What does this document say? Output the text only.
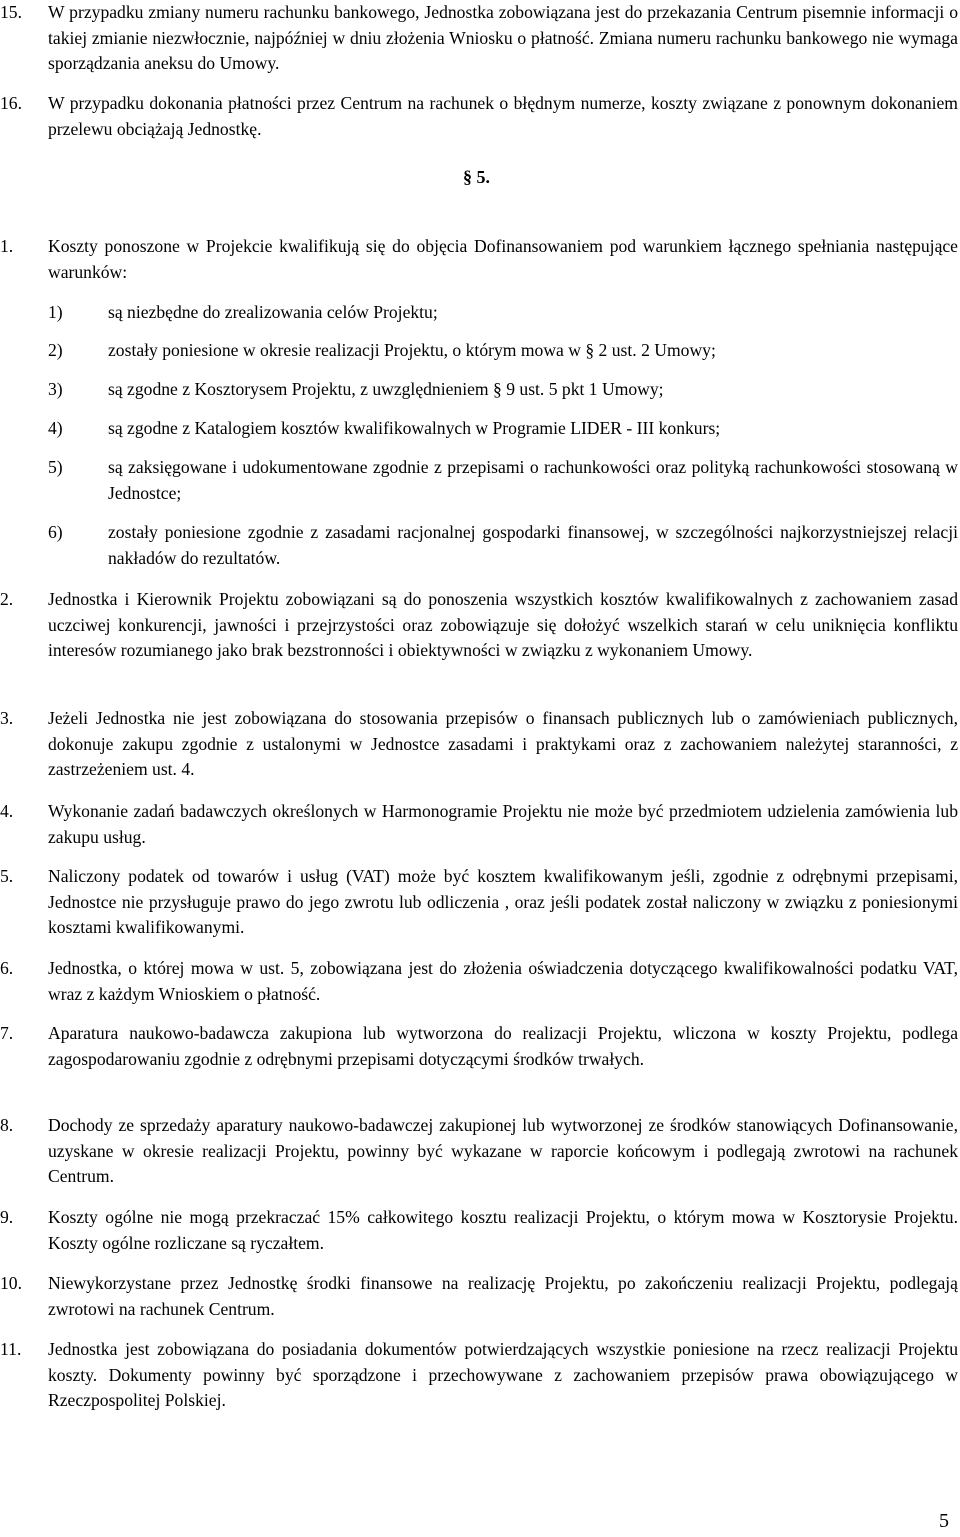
15.	W przypadku zmiany numeru rachunku bankowego, Jednostka zobowiązana jest do przekazania Centrum pisemnie informacji o takiej zmianie niezwłocznie, najpóźniej w dniu złożenia Wniosku o płatność. Zmiana numeru rachunku bankowego nie wymaga sporządzania aneksu do Umowy.
16.	W przypadku dokonania płatności przez Centrum na rachunek o błędnym numerze, koszty związane z ponownym dokonaniem przelewu obciążają Jednostkę.
§ 5.
1.	Koszty ponoszone w Projekcie kwalifikują się do objęcia Dofinansowaniem pod warunkiem łącznego spełniania następujące warunków:
1)	są niezbędne do zrealizowania celów Projektu;
2)	zostały poniesione w okresie realizacji Projektu, o którym mowa w § 2 ust. 2 Umowy;
3)	są zgodne z Kosztorysem Projektu, z uwzględnieniem § 9 ust. 5 pkt 1 Umowy;
4)	są zgodne z Katalogiem kosztów kwalifikowalnych w Programie LIDER - III konkurs;
5)	są zaksięgowane i udokumentowane zgodnie z przepisami o rachunkowości oraz polityką rachunkowości stosowaną w Jednostce;
6)	zostały poniesione zgodnie z zasadami racjonalnej gospodarki finansowej, w szczególności najkorzystniejszej relacji nakładów do rezultatów.
2.	Jednostka i Kierownik Projektu zobowiązani są do ponoszenia wszystkich kosztów kwalifikowalnych z zachowaniem zasad uczciwej konkurencji, jawności i przejrzystości oraz zobowiązuje się dołożyć wszelkich starań w celu uniknięcia konfliktu interesów rozumianego jako brak bezstronności i obiektywności w związku z wykonaniem Umowy.
3.	Jeżeli Jednostka nie jest zobowiązana do stosowania przepisów o finansach publicznych lub o zamówieniach publicznych, dokonuje zakupu zgodnie z ustalonymi w Jednostce zasadami i praktykami oraz z zachowaniem należytej staranności, z zastrzeżeniem ust. 4.
4.	Wykonanie zadań badawczych określonych w Harmonogramie Projektu nie może być przedmiotem udzielenia zamówienia lub zakupu usług.
5.	Naliczony podatek od towarów i usług (VAT) może być kosztem kwalifikowanym jeśli, zgodnie z odrębnymi przepisami, Jednostce nie przysługuje prawo do jego zwrotu lub odliczenia , oraz jeśli podatek został naliczony w związku z poniesionymi kosztami kwalifikowanymi.
6.	Jednostka, o której mowa w ust. 5, zobowiązana jest do złożenia oświadczenia dotyczącego kwalifikowalności podatku VAT, wraz z każdym Wnioskiem o płatność.
7.	Aparatura naukowo-badawcza zakupiona lub wytworzona do realizacji Projektu, wliczona w koszty Projektu, podlega zagospodarowaniu zgodnie z odrębnymi przepisami dotyczącymi środków trwałych.
8.	Dochody ze sprzedaży aparatury naukowo-badawczej zakupionej lub wytworzonej ze środków stanowiących Dofinansowanie, uzyskane w okresie realizacji Projektu, powinny być wykazane w raporcie końcowym i podlegają zwrotowi na rachunek Centrum.
9.	Koszty ogólne nie mogą przekraczać 15% całkowitego kosztu realizacji Projektu, o którym mowa w Kosztorysie Projektu. Koszty ogólne rozliczane są ryczałtem.
10.	Niewykorzystane przez Jednostkę środki finansowe na realizację Projektu, po zakończeniu realizacji Projektu, podlegają zwrotowi na rachunek Centrum.
11.	Jednostka jest zobowiązana do posiadania dokumentów potwierdzających wszystkie poniesione na rzecz realizacji Projektu koszty. Dokumenty powinny być sporządzone i przechowywane z zachowaniem przepisów prawa obowiązującego w Rzeczpospolitej Polskiej.
5
